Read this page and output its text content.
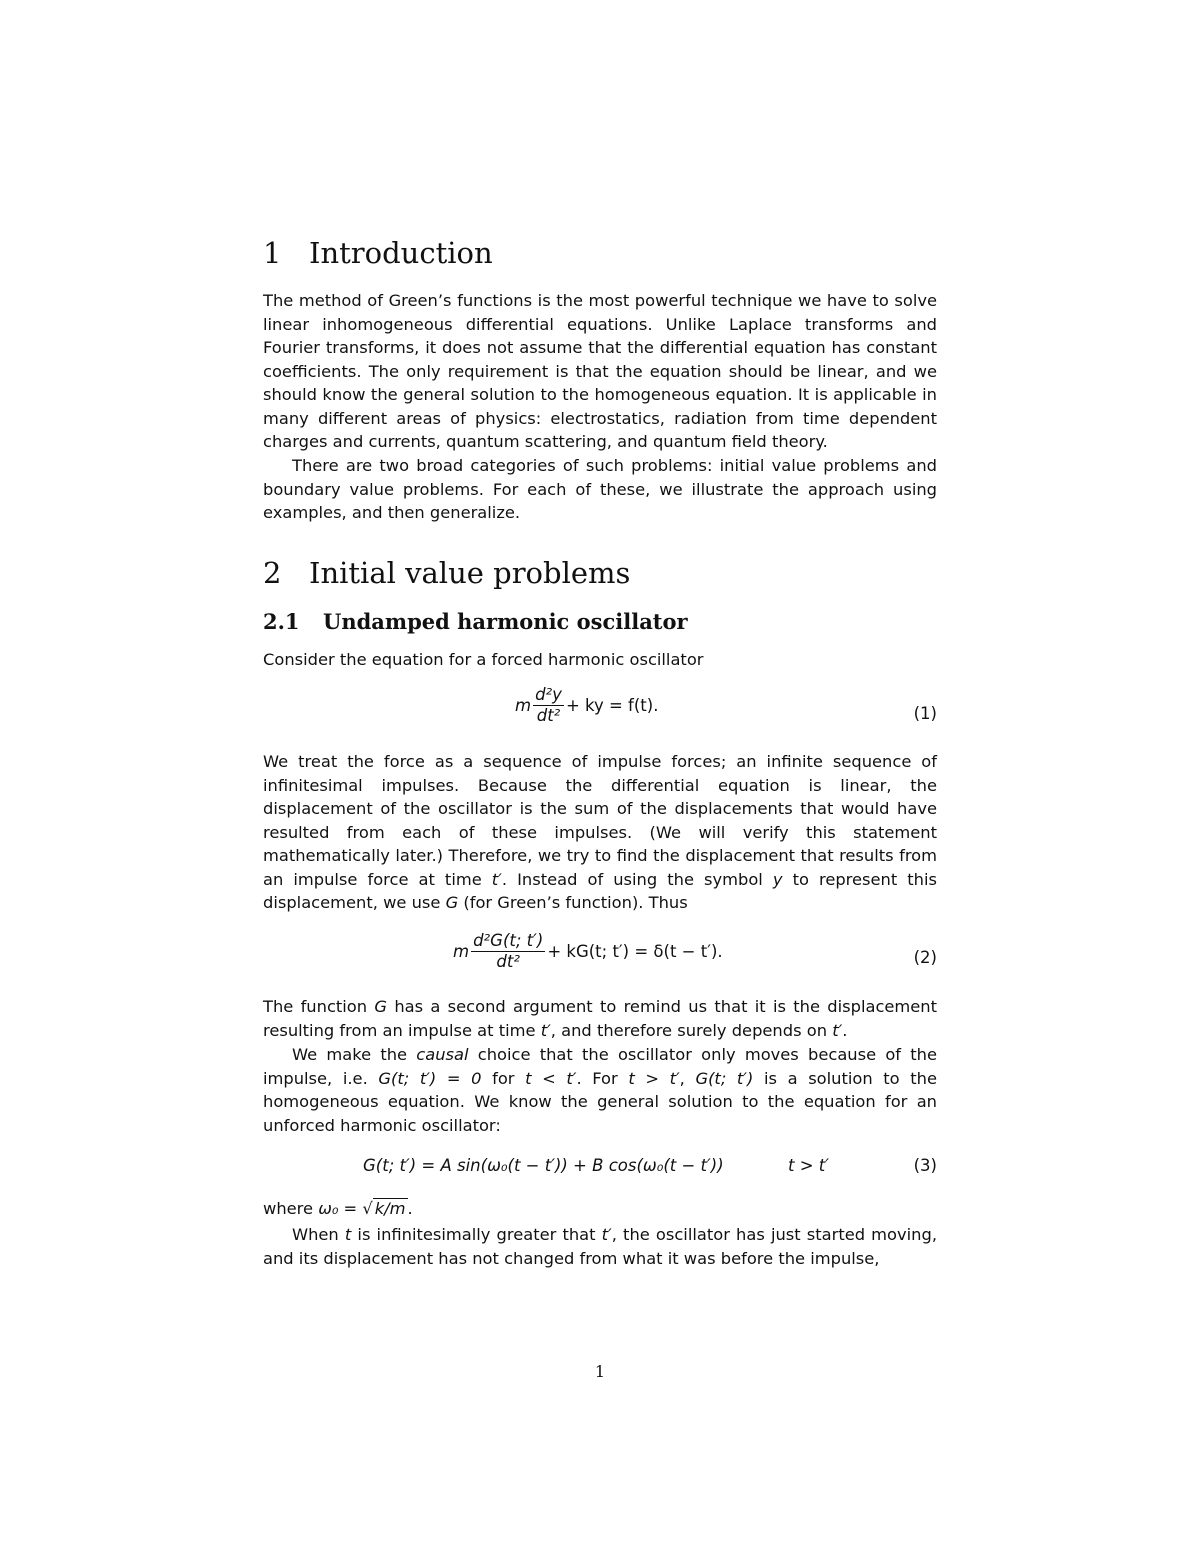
1 Introduction

The method of Green’s functions is the most powerful technique we have to solve linear inhomogeneous differential equations. Unlike Laplace transforms and Fourier transforms, it does not assume that the differential equation has constant coefficients. The only requirement is that the equation should be linear, and we should know the general solution to the homogeneous equation. It is applicable in many different areas of physics: electrostatics, radiation from time dependent charges and currents, quantum scattering, and quantum field theory.

There are two broad categories of such problems: initial value problems and boundary value problems. For each of these, we illustrate the approach using examples, and then generalize.

2 Initial value problems
2.1 Undamped harmonic oscillator

Consider the equation for a forced harmonic oscillator

m $\frac{\text{d²y}}{\text{dt²}}$ + ky = f(t).	(1)

We treat the force as a sequence of impulse forces; an infinite sequence of infinitesimal impulses. Because the differential equation is linear, the displacement of the oscillator is the sum of the displacements that would have resulted from each of these impulses. (We will verify this statement mathematically later.) Therefore, we try to find the displacement that results from an impulse force at time t′. Instead of using the symbol y to represent this displacement, we use G (for Green’s function). Thus

m $\frac{\text{d²G(t; t′)}}{\text{dt²}} + kG(t$; t′) = δ(t − t′).	(2)

The function G has a second argument to remind us that it is the displacement resulting from an impulse at time t′, and therefore surely depends on t′.

We make the causal choice that the oscillator only moves because of the impulse, i.e. G(t; t′) = 0 for t < t′. For t > t′, G(t; t′) is a solution to the homogeneous equation. We know the general solution to the equation for an unforced harmonic oscillator:

G(t; t′) = A sin(ω₀(t − t′)) + B cos(ω₀(t − t′))	t > t′	(3)

where ω₀ = √ k/m .

When t is infinitesimally greater that t′, the oscillator has just started moving, and its displacement has not changed from what it was before the impulse,

1
